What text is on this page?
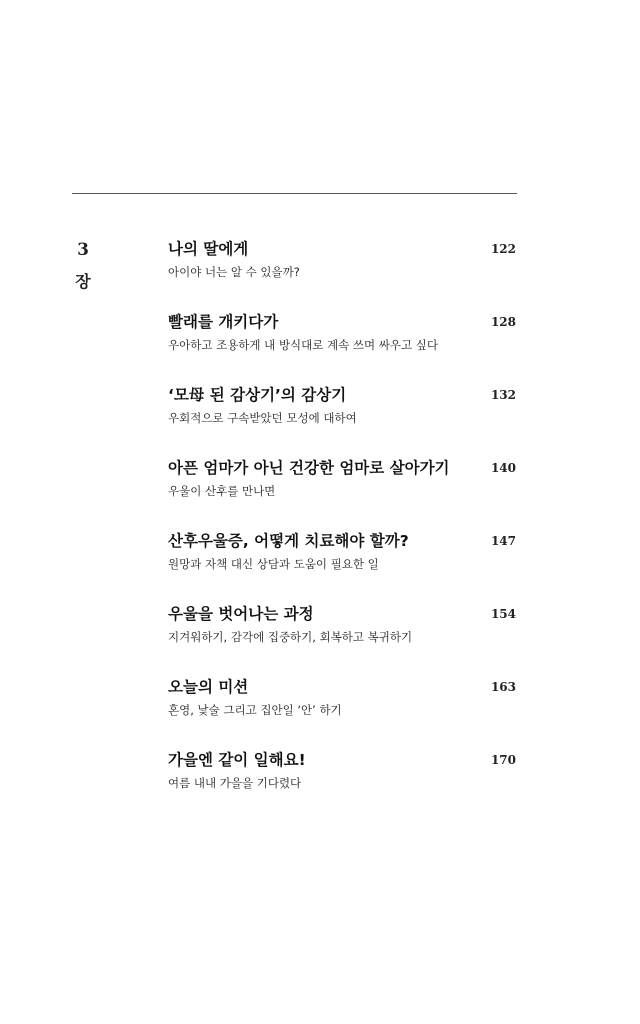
3
장
나의 딸에게
아이야 너는 알 수 있을까?
122
빨래를 개키다가
우아하고 조용하게 내 방식대로 계속 쓰며 싸우고 싶다
128
‘모母 된 감상기’의 감상기
우회적으로 구속받았던 모성에 대하여
132
아픈 엄마가 아닌 건강한 엄마로 살아가기
우울이 산후를 만나면
140
산후우울증, 어떻게 치료해야 할까?
원망과 자책 대신 상담과 도움이 필요한 일
147
우울을 벗어나는 과정
지겨워하기, 감각에 집중하기, 회복하고 복귀하기
154
오늘의 미션
혼영, 낯술 그리고 집안일 ‘안’ 하기
163
가을엔 같이 일해요!
여름 내내 가을을 기다렸다
170
